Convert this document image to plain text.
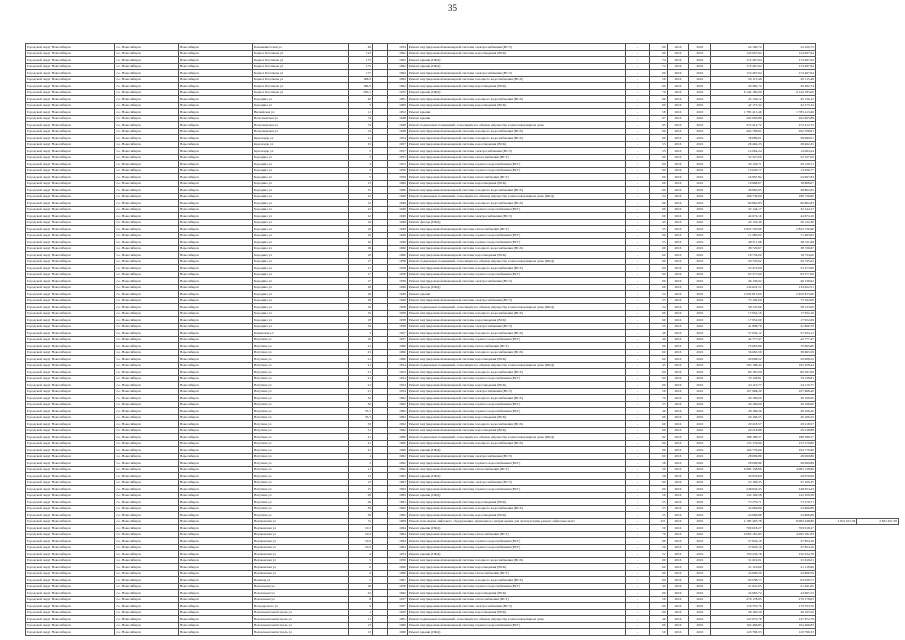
35
Городской округ Новосибирск	г.о. Новосибирск	Новосибирск	Большевистская ул	49		1954	Ремонт внутридомовой инженерной системы электроснабжения (ВСЭ)	-	60	2016	2016	24 100,72	24 100,72		
Городской округ Новосибирск	г.о. Новосибирск	Новосибирск	Бориса Богаткова ул	123		1962	Ремонт внутридомовой инженерной системы водоотведения (ВСК)	-	60	2016	2016	124 097,64	124 097,64		
Городской округ Новосибирск	г.о. Новосибирск	Новосибирск	Бориса Богаткова ул	175		1962	Ремонт крыши (ПКД)	-	74	2016	2016	174 497,64	174 497,64		
Городской округ Новосибирск	г.о. Новосибирск	Новосибирск	Бориса Богаткова ул	175		1962	Ремонт крыши (ПКД)	-	74	2016	2016	174 497,64	174 497,64		
Городской округ Новосибирск	г.о. Новосибирск	Новосибирск	Бориса Богаткова ул	177		1962	Ремонт внутридомовой инженерной системы электроснабжения (ВСЭ)	-	60	2016	2016	174 497,64	174 497,64		
Городской округ Новосибирск	г.о. Новосибирск	Новосибирск	Бориса Богаткова ул	186/3		1962	Ремонт внутридомовой инженерной системы холодного водоснабжения (ВСХ)	-	50	2016	2016	20 115,46	20 115,46		
Городской округ Новосибирск	г.о. Новосибирск	Новосибирск	Бориса Богаткова ул	186/3		1962	Ремонт внутридомовой инженерной системы водоотведения (ВСК)	-	60	2016	2016	29 482,74	29 482,74		
Городской округ Новосибирск	г.о. Новосибирск	Новосибирск	Бориса Богаткова ул	265/1		1972	Ремонт крыши (ПКД)	-	70	2016	2016	6 144 185,00	6 144 185,00		
Городской округ Новосибирск	г.о. Новосибирск	Новосибирск	Бородина ул	42		1961	Ремонт внутридомовой инженерной системы холодного водоснабжения (ВСХ)	-	60	2016	2016	45 136,12	45 136,12		
Городской округ Новосибирск	г.о. Новосибирск	Новосибирск	Бородина ул	3		1960	Ремонт внутридомовой инженерной системы водоотведения (ВСК)	-	60	2016	2016	42 175,34	42 175,34		
Городской округ Новосибирск	г.о. Новосибирск	Новосибирск	Вилюйская ул	11		1952	Ремонт крыши	-	58	2016	2016	1 783 413,46	1 783 413,46		
Городской округ Новосибирск	г.о. Новосибирск	Новосибирск	Волочаевская ул	74		1948	Ремонт крыши	-	97	2016	2016	202 065,89	202 065,89		
Городской округ Новосибирск	г.о. Новосибирск	Новосибирск	Волочаевская ул	74		1948	Ремонт подвальных помещений, относящихся к общему имуществу в многоквартирном доме	-	95	2016	2016	272 412,72	272 412,72		
Городской округ Новосибирск	г.о. Новосибирск	Новосибирск	Волочаевская ул	74		1948	Ремонт внутридомовой инженерной системы холодного водоснабжения (ВСХ)	-	60	2016	2016	262 708,61	262 708,61		
Городской округ Новосибирск	г.о. Новосибирск	Новосибирск	Краснодар ул	11		1954	Ремонт внутридомовой инженерной системы холодного водоснабжения (ВСХ)	-	60	2016	2016	58 689,01	58 689,01		
Городской округ Новосибирск	г.о. Новосибирск	Новосибирск	Краснодар ул	15		1957	Ремонт внутридомовой инженерной системы водоотведения (ВСК)	-	55	2016	2016	28 462,25	28 462,25		
Городской округ Новосибирск	г.о. Новосибирск	Новосибирск	Краснодар ул	5		1957	Ремонт внутридомовой инженерной системы электроснабжения (ВСЭ)	-	55	2016	2016	14 064,24	14 064,24		
Городской округ Новосибирск	г.о. Новосибирск	Новосибирск	Бородина ул	3		1953	Ремонт внутридомовой инженерной системы теплоснабжения (ВСТ)	-	60	2016	2016	52 327,09	52 327,09		
Городской округ Новосибирск	г.о. Новосибирск	Новосибирск	Бородина ул	3		1953	Ремонт внутридомовой инженерной системы горячего водоснабжения (ВСГ)	-	60	2016	2016	29 129,71	29 129,71		
Городской округ Новосибирск	г.о. Новосибирск	Новосибирск	Бородина ул	3		1959	Ремонт внутридомовой инженерной системы горячего водоснабжения (ВСГ)	-	60	2016	2016	13 026,77	13 026,77		
Городской округ Новосибирск	г.о. Новосибирск	Новосибирск	Бородина ул	5		1959	Ремонт внутридомовой инженерной системы теплоснабжения (ВСТ)	-	60	2016	2016	24 997,84	24 997,84		
Городской округ Новосибирск	г.о. Новосибирск	Новосибирск	Бородина ул	13		1960	Ремонт внутридомовой инженерной системы водоотведения (ВСК)	-	60	2016	2016	18 868,07	18 868,07		
Городской округ Новосибирск	г.о. Новосибирск	Новосибирск	Бородина ул	15		1960	Ремонт внутридомовой инженерной системы холодного водоснабжения (ВСХ)	-	60	2016	2016	28 862,65	28 862,65		
Городской округ Новосибирск	г.о. Новосибирск	Новосибирск	Бородина ул	12		1949	Ремонт подвальных помещений, относящихся к общему имуществу в многоквартирном доме (ПКД)	-	54	2016	2016	186 739,60	186 739,60		
Городской округ Новосибирск	г.о. Новосибирск	Новосибирск	Бородина ул	12		1949	Ремонт внутридомовой инженерной системы холодного водоснабжения (ВСХ)	-	60	2016	2016	60 862,83	60 862,83		
Городской округ Новосибирск	г.о. Новосибирск	Новосибирск	Бородина ул	12		1949	Ремонт внутридомовой инженерной системы горячего водоснабжения (ВСГ)	-	60	2016	2016	32 144,17	32 144,17		
Городской округ Новосибирск	г.о. Новосибирск	Новосибирск	Бородина ул	12		1949	Ремонт внутридомовой инженерной системы электроснабжения (ВСЭ)	-	60	2016	2016	44 674,16	44 674,16		
Городской округ Новосибирск	г.о. Новосибирск	Новосибирск	Бородина ул	16		1949	Ремонт фасада (ПКД)	-	45	2016	2016	20 132,40	20 132,40		
Городской округ Новосибирск	г.о. Новосибирск	Новосибирск	Бородина ул	16		1949	Ремонт внутридомовой инженерной системы теплоснабжения (ВСТ)	-	55	2016	2016	2 823 720,90	2 823 720,90		
Городской округ Новосибирск	г.о. Новосибирск	Новосибирск	Бородина ул	16		1949	Ремонт внутридомовой инженерной системы горячего водоснабжения (ВСГ)	-	60	2016	2016	71 483,02	71 483,02		
Городской округ Новосибирск	г.о. Новосибирск	Новосибирск	Бородина ул	16		1949	Ремонт внутридомовой инженерной системы горячего водоснабжения (ВСГ)	-	55	2016	2016	48 311,98	48 311,98		
Городской округ Новосибирск	г.о. Новосибирск	Новосибирск	Бородина ул	18		1960	Ремонт внутридомовой инженерной системы холодного водоснабжения (ВСХ)	-	60	2016	2016	38 729,67	38 729,67		
Городской округ Новосибирск	г.о. Новосибирск	Новосибирск	Бородина ул	18		1960	Ремонт внутридомовой инженерной системы водоотведения (ВСК)	-	60	2016	2016	18 734,00	18 734,00		
Городской округ Новосибирск	г.о. Новосибирск	Новосибирск	Бородина ул	17		1958	Ремонт подвальных помещений, относящихся к общему имуществу в многоквартирном доме (ПКД)	-	60	2016	2016	20 745,62	20 745,62		
Городской округ Новосибирск	г.о. Новосибирск	Новосибирск	Бородина ул	17		1958	Ремонт внутридомовой инженерной системы холодного водоснабжения (ВСХ)	-	60	2016	2016	53 473,69	53 473,69		
Городской округ Новосибирск	г.о. Новосибирск	Новосибирск	Бородина ул	17		1958	Ремонт внутридомовой инженерной системы горячего водоснабжения (ВСГ)	-	60	2016	2016	63 377,00	63 377,00		
Городской округ Новосибирск	г.о. Новосибирск	Новосибирск	Бородина ул	17		1958	Ремонт внутридомовой инженерной системы электроснабжения (ВСЭ)	-	60	2016	2016	46 139,92	46 139,92		
Городской округ Новосибирск	г.о. Новосибирск	Новосибирск	Бородина ул	18		1949	Ремонт фасада (ПКД)	-	60	2016	2016	134 622,51	134 622,51		
Городской округ Новосибирск	г.о. Новосибирск	Новосибирск	Бородина ул	18		1949	Ремонт крыши	-	54	2016	2016	2 650 813,00	2 650 813,00		
Городской округ Новосибирск	г.о. Новосибирск	Новосибирск	Бородина ул	18		1949	Ремонт внутридомовой инженерной системы электроснабжения (ВСЭ)	-	55	2016	2016	73 192,00	73 192,00		
Городской округ Новосибирск	г.о. Новосибирск	Новосибирск	Бородина ул	19		1958	Ремонт подвальных помещений, относящихся к общему имуществу в многоквартирном доме (ПКД)	-	54	2016	2016	58 133,00	58 133,00		
Городской округ Новосибирск	г.о. Новосибирск	Новосибирск	Бородина ул	19		1958	Ремонт внутридомовой инженерной системы холодного водоснабжения (ВСХ)	-	60	2016	2016	17 952,16	17 952,16		
Городской округ Новосибирск	г.о. Новосибирск	Новосибирск	Бородина ул	19		1958	Ремонт внутридомовой инженерной системы водоотведения (ВСК)	-	60	2016	2016	17 952,69	17 952,69		
Городской округ Новосибирск	г.о. Новосибирск	Новосибирск	Бородина ул	19		1958	Ремонт внутридомовой инженерной системы электроснабжения (ВСЭ)	-	55	2016	2016	41 806,79	41 806,79		
Городской округ Новосибирск	г.о. Новосибирск	Новосибирск	Каменская ул	3		1957	Ремонт внутридомовой инженерной системы холодного водоснабжения (ВСХ)	-	40	2016	2016	57 634,12	57 634,12		
Городской округ Новосибирск	г.о. Новосибирск	Новосибирск	Ватутина ул	10		1957	Ремонт внутридомовой инженерной системы горячего водоснабжения (ВСГ)	-	40	2016	2016	42 777,47	42 777,47		
Городской округ Новосибирск	г.о. Новосибирск	Новосибирск	Ватутина ул	21		1960	Ремонт внутридомовой инженерной системы теплоснабжения (ВСТ)	-	60	2016	2016	70 605,80	70 605,80		
Городской округ Новосибирск	г.о. Новосибирск	Новосибирск	Ватутина ул	23		1960	Ремонт внутридомовой инженерной системы холодного водоснабжения (ВСХ)	-	60	2016	2016	36 665,59	36 665,59		
Городской округ Новосибирск	г.о. Новосибирск	Новосибирск	Ватутина ул	21		1960	Ремонт внутридомовой инженерной системы водоотведения (ВСК)	-	60	2016	2016	29 068,22	29 068,22		
Городской округ Новосибирск	г.о. Новосибирск	Новосибирск	Ватутина ул	21		1954	Ремонт подвальных помещений, относящихся к общему имуществу в многоквартирном доме (ПКД)	-	45	2016	2016	193 108,44	193 108,44		
Городской округ Новосибирск	г.о. Новосибирск	Новосибирск	Ватутина ул	21		1954	Ремонт внутридомовой инженерной системы холодного водоснабжения (ВСХ)	-	60	2016	2016	80 187,09	80 187,09		
Городской округ Новосибирск	г.о. Новосибирск	Новосибирск	Ватутина ул	21		1954	Ремонт внутридомовой инженерной системы горячего водоснабжения (ВСГ)	-	60	2016	2016	79 128,81	79 128,81		
Городской округ Новосибирск	г.о. Новосибирск	Новосибирск	Ватутина ул	21		1954	Ремонт внутридомовой инженерной системы водоотведения (ВСК)	-	60	2016	2016	24 110,77	24 110,77		
Городской округ Новосибирск	г.о. Новосибирск	Новосибирск	Ватутина ул	21		1954	Ремонт внутридомовой инженерной системы электроснабжения (ВСЭ)	-	50	2016	2016	107 968,20	107 968,20		
Городской округ Новосибирск	г.о. Новосибирск	Новосибирск	Ватутина ул	32		1962	Ремонт внутридомовой инженерной системы холодного водоснабжения (ВСХ)	-	70	2016	2016	29 166,00	29 166,00		
Городской округ Новосибирск	г.о. Новосибирск	Новосибирск	Ватутина ул	32		1962	Ремонт внутридомовой инженерной системы горячего водоснабжения (ВСГ)	-	55	2016	2016	29 166,00	29 166,00		
Городской округ Новосибирск	г.о. Новосибирск	Новосибирск	Ватутина ул	35/1		1962	Ремонт внутридомовой инженерной системы горячего водоснабжения (ВСГ)	-	40	2016	2016	28 166,26	28 166,26		
Городской округ Новосибирск	г.о. Новосибирск	Новосибирск	Ватутина ул	35/1		1962	Ремонт внутридомовой инженерной системы водоотведения (ВСК)	-	60	2016	2016	26 166,25	26 166,25		
Городской округ Новосибирск	г.о. Новосибирск	Новосибирск	Ватутина ул	33		1962	Ремонт внутридомовой инженерной системы холодного водоснабжения (ВСХ)	-	60	2016	2016	29 218,57	29 218,57		
Городской округ Новосибирск	г.о. Новосибирск	Новосибирск	Ватутина ул	31		1962	Ремонт внутридомовой инженерной системы водоотведения (ВСК)	-	60	2016	2016	29 218,88	29 218,88		
Городской округ Новосибирск	г.о. Новосибирск	Новосибирск	Ватутина ул	41		1960	Ремонт подвальных помещений, относящихся к общему имуществу в многоквартирном доме (ПКД)	-	62	2016	2016	188 186,57	188 186,57		
Городской округ Новосибирск	г.о. Новосибирск	Новосибирск	Ватутина ул	41		1960	Ремонт внутридомовой инженерной системы холодного водоснабжения (ВСХ)	-	60	2016	2016	153 179,60	153 179,60		
Городской округ Новосибирск	г.о. Новосибирск	Новосибирск	Ватутина ул	41		1960	Ремонт крыши (ПКД)	-	60	2016	2016	194 776,60	194 776,60		
Городской округ Новосибирск	г.о. Новосибирск	Новосибирск	Ватутина ул	1		1962	Ремонт внутридомовой инженерной системы электроснабжения (ВСЭ)	-	60	2016	2016	28 099,89	28 099,89		
Городской округ Новосибирск	г.о. Новосибирск	Новосибирск	Ватутина ул	3		1962	Ремонт внутридомовой инженерной системы горячего водоснабжения (ВСГ)	-	58	2016	2016	28 099,89	28 099,89		
Городской округ Новосибирск	г.о. Новосибирск	Новосибирск	Ватутина ул	11		1962	Ремонт внутридомовой инженерной системы теплоснабжения (ВСТ)	-	50	2016	2016	4 083 138,86	4 083 138,86		
Городской округ Новосибирск	г.о. Новосибирск	Новосибирск	Ватутина ул	13		1963	Ремонт крыши (ПКД)	-	58	2016	2016	29 976,69	29 976,69		
Городской округ Новосибирск	г.о. Новосибирск	Новосибирск	Ватутина ул	13		1963	Ремонт внутридомовой инженерной системы электроснабжения (ВСЭ)	-	60	2016	2016	55 106,35	55 106,35		
Городской округ Новосибирск	г.о. Новосибирск	Новосибирск	Ватутина ул	15		1963	Ремонт внутридомовой инженерной системы горячего водоснабжения (ВСГ)	-	60	2016	2016	248 654,43	248 654,43		
Городской округ Новосибирск	г.о. Новосибирск	Новосибирск	Ватутина ул	29		1963	Ремонт крыши (ПКД)	-	50	2016	2016	143 109,58	143 109,58		
Городской округ Новосибирск	г.о. Новосибирск	Новосибирск	Ватутина ул	29		1963	Ремонт внутридомовой инженерной системы водоотведения (ВСК)	-	55	2016	2016	73 279,71	73 279,71		
Городской округ Новосибирск	г.о. Новосибирск	Новосибирск	Ватутина ул	39		1962	Ремонт внутридомовой инженерной системы холодного водоснабжения (ВСХ)	-	55	2016	2016	24 666,89	24 666,89		
Городской округ Новосибирск	г.о. Новосибирск	Новосибирск	Ватутина ул	39		1962	Ремонт внутридомовой инженерной системы водоотведения (ВСК)	-	55	2016	2016	24 666,89	24 666,89		
Городской округ Новосибирск	г.о. Новосибирск	Новосибирск	Вертковская ул	7а		1969	Ремонт или замена лифтового оборудования, признанного непригодным для эксплуатации, ремонт лифтовых шахт	-	221	2016	2016	2 183 405,78	8 084 248,86	2 841 627,59	2 841 627,59
Городской округ Новосибирск	г.о. Новосибирск	Новосибирск	Вертковская ул	10/1		1964	Ремонт крыши (ПКД)	-	50	2016	2016	709 618,27	709 618,27		
Городской округ Новосибирск	г.о. Новосибирск	Новосибирск	Вертковская ул	10/2		1964	Ремонт внутридомовой инженерной системы теплоснабжения (ВСТ)	-	70	2016	2016	4 093 181,83	4 093 181,83		
Городской округ Новосибирск	г.о. Новосибирск	Новосибирск	Вертковская ул	10/2		1964	Ремонт внутридомовой инженерной системы горячего водоснабжения (ВСГ)	-	60	2016	2016	27 824,10	27 824,10		
Городской округ Новосибирск	г.о. Новосибирск	Новосибирск	Вертковская ул	10/2		1964	Ремонт внутридомовой инженерной системы горячего водоснабжения (ВСГ)	-	50	2016	2016	27 824,10	27 824,10		
Городской округ Новосибирск	г.о. Новосибирск	Новосибирск	Вертковская ул	4		1953	Ремонт крыши (ПКД)	-	52	2016	2016	150 234,78	150 234,78		
Городской округ Новосибирск	г.о. Новосибирск	Новосибирск	Вертковская ул	5		1959	Ремонт внутридомовой инженерной системы холодного водоснабжения (ВСХ)	-	60	2016	2016	31 619,01	31 619,01		
Городской округ Новосибирск	г.о. Новосибирск	Новосибирск	Вертковская ул	6		1960	Ремонт внутридомовой инженерной системы водоотведения (ВСК)	-	60	2016	2016	21 119,60	21 119,60		
Городской округ Новосибирск	г.о. Новосибирск	Новосибирск	Вертковская ул	6		1960	Ремонт внутридомовой инженерной системы теплоснабжения (ВСТ)	-	60	2016	2016	24 606,59	24 606,59		
Городской округ Новосибирск	г.о. Новосибирск	Новосибирск	Военная ул	5		1961	Ремонт внутридомовой инженерной системы холодного водоснабжения (ВСХ)	-	60	2016	2016	93 038,77	93 038,77		
Городской округ Новосибирск	г.о. Новосибирск	Новосибирск	Вокзальная ул	16		1958	Ремонт внутридомовой инженерной системы горячего водоснабжения (ВСГ)	-	40	2016	2016	21 641,65	21 641,65		
Городской округ Новосибирск	г.о. Новосибирск	Новосибирск	Вокзальная ул	22		1962	Ремонт внутридомовой инженерной системы водоотведения (ВСК)	-	60	2016	2016	24 665,72	24 665,72		
Городской округ Новосибирск	г.о. Новосибирск	Новосибирск	Вокзальная ул	8		1957	Ремонт внутридомовой инженерной системы теплоснабжения (ВСТ)	-	50	2016	2016	276 178,05	276 178,05		
Городской округ Новосибирск	г.о. Новосибирск	Новосибирск	Володарского ул	4		1957	Ремонт внутридомовой инженерной системы электроснабжения (ВСЭ)	-	60	2016	2016	176 353,76	176 353,76		
Городской округ Новосибирск	г.о. Новосибирск	Новосибирск	Вокзальная магистраль ул	1		1950	Ремонт внутридомовой инженерной системы водоотведения (ВСК)	-	60	2016	2016	28 165,50	28 165,50		
Городской округ Новосибирск	г.о. Новосибирск	Новосибирск	Вокзальная магистраль ул	11		1961	Ремонт подвальных помещений, относящихся к общему имуществу в многоквартирном доме	-	40	2016	2016	147 072,79	147 072,79		
Городской округ Новосибирск	г.о. Новосибирск	Новосибирск	Вокзальная магистраль ул	13		1960	Ремонт внутридомовой инженерной системы горячего водоснабжения (ВСГ)	-	60	2016	2016	104 466,83	104 466,83		
Городской округ Новосибирск	г.о. Новосибирск	Новосибирск	Вокзальная магистраль ул	13		1960	Ремонт крыши (ПКД)	-	50	2016	2016	120 796,33	120 796,33		
